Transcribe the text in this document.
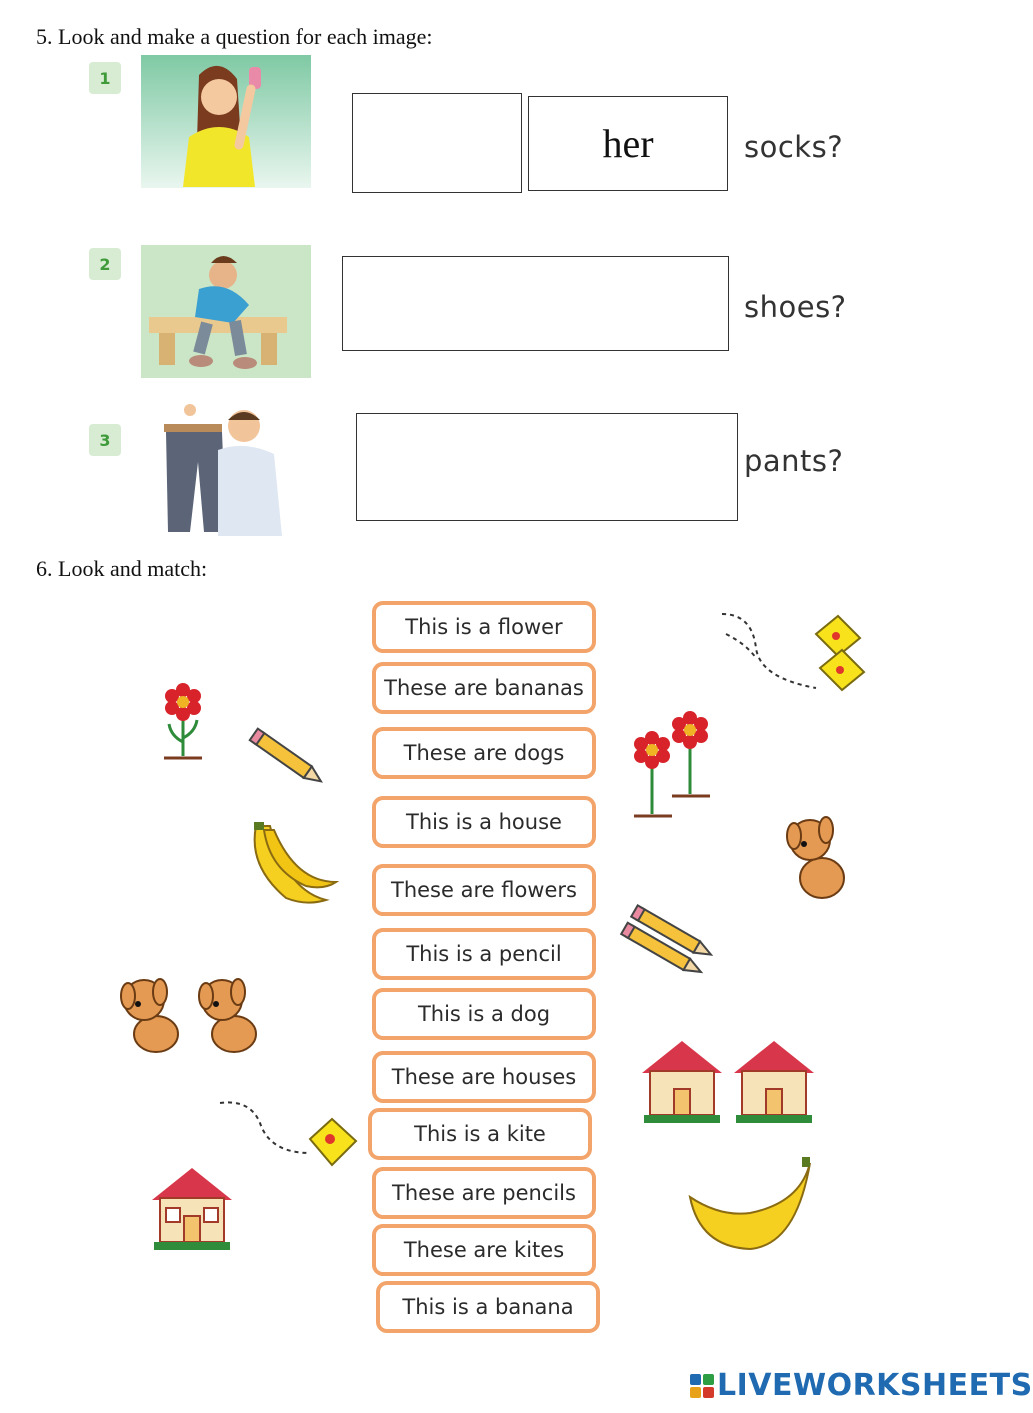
5. Look and make a question for each image:
1
her	socks?
2
shoes?
3
pants?
6. Look and match:
This is a flower
These are bananas
These are dogs
This is a house
These are flowers
This is a pencil
This is a dog
These are houses
This is a kite
These are pencils
These are kites
This is a banana
LIVEWORKSHEETS
